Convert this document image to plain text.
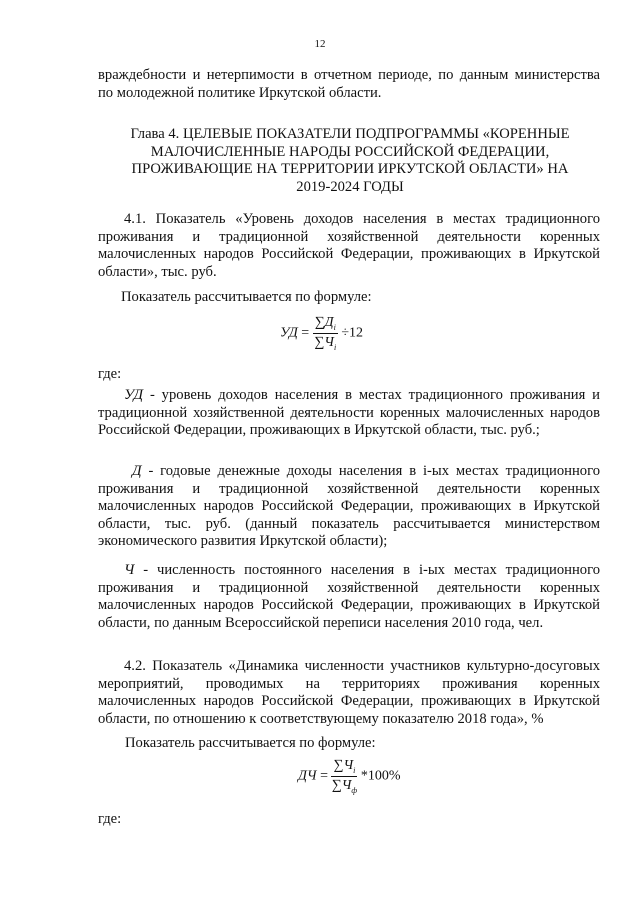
12

враждебности и нетерпимости в отчетном периоде, по данным министерства

по молодежной политике Иркутской области.

Глава 4. ЦЕЛЕВЫЕ ПОКАЗАТЕЛИ ПОДПРОГРАММЫ «КОРЕННЫЕ
МАЛОЧИСЛЕННЫЕ НАРОДЫ РОССИЙСКОЙ ФЕДЕРАЦИИ,
ПРОЖИВАЮЩИЕ НА ТЕРРИТОРИИ ИРКУТСКОЙ ОБЛАСТИ» НА
2019-2024 ГОДЫ

4.1. Показатель «Уровень доходов населения в местах традиционного проживания и традиционной хозяйственной деятельности коренных малочисленных народов Российской Федерации, проживающих в Иркутской области», тыс. руб.

Показатель рассчитывается по формуле:

УД = $\frac{\sum Д_i}{\sum Ч_i} \div 12$

где:

УД - уровень доходов населения в местах традиционного проживания и традиционной хозяйственной деятельности коренных малочисленных народов Российской Федерации, проживающих в Иркутской области, тыс. руб.;

Д - годовые денежные доходы населения в i-ых местах традиционного проживания и традиционной хозяйственной деятельности коренных малочисленных народов Российской Федерации, проживающих в Иркутской области, тыс. руб. (данный показатель рассчитывается министерством экономического развития Иркутской области);

Ч - численность постоянного населения в i-ых местах традиционного проживания и традиционной хозяйственной деятельности коренных малочисленных народов Российской Федерации, проживающих в Иркутской области, по данным Всероссийской переписи населения 2010 года, чел.

4.2. Показатель «Динамика численности участников культурно-досуговых мероприятий, проводимых на территориях проживания коренных малочисленных народов Российской Федерации, проживающих в Иркутской области, по отношению к соответствующему показателю 2018 года», %

Показатель рассчитывается по формуле:

ДЧ = $\frac{\sum Ч_i}{\sum Ч_ф} *100\%$

где:
